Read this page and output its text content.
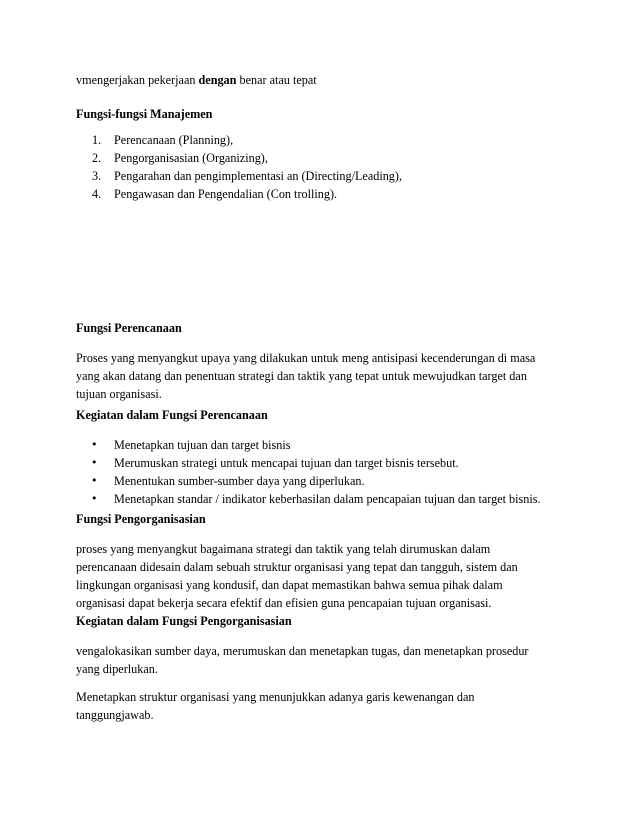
vmengerjakan pekerjaan dengan benar atau tepat

Fungsi-fungsi Manajemen

1. Perencanaan (Planning),
2. Pengorganisasian (Organizing),
3. Pengarahan dan pengimplementasi an (Directing/Leading),
4. Pengawasan dan Pengendalian (Con trolling).

Fungsi Perencanaan

Proses yang menyangkut upaya yang dilakukan untuk meng antisipasi kecenderungan di masa
yang akan datang dan penentuan strategi dan taktik yang tepat untuk mewujudkan target dan
tujuan organisasi.

Kegiatan dalam Fungsi Perencanaan

• Menetapkan tujuan dan target bisnis
• Merumuskan strategi untuk mencapai tujuan dan target bisnis tersebut.
• Menentukan sumber-sumber daya yang diperlukan.
• Menetapkan standar / indikator keberhasilan dalam pencapaian tujuan dan target bisnis.

Fungsi Pengorganisasian

proses yang menyangkut bagaimana strategi dan taktik yang telah dirumuskan dalam
perencanaan didesain dalam sebuah struktur organisasi yang tepat dan tangguh, sistem dan
lingkungan organisasi yang kondusif, dan dapat memastikan bahwa semua pihak dalam
organisasi dapat bekerja secara efektif dan efisien guna pencapaian tujuan organisasi.

Kegiatan dalam Fungsi Pengorganisasian

vengalokasikan sumber daya, merumuskan dan menetapkan tugas, dan menetapkan prosedur
yang diperlukan.
Menetapkan struktur organisasi yang menunjukkan adanya garis kewenangan dan
tanggungjawab.
